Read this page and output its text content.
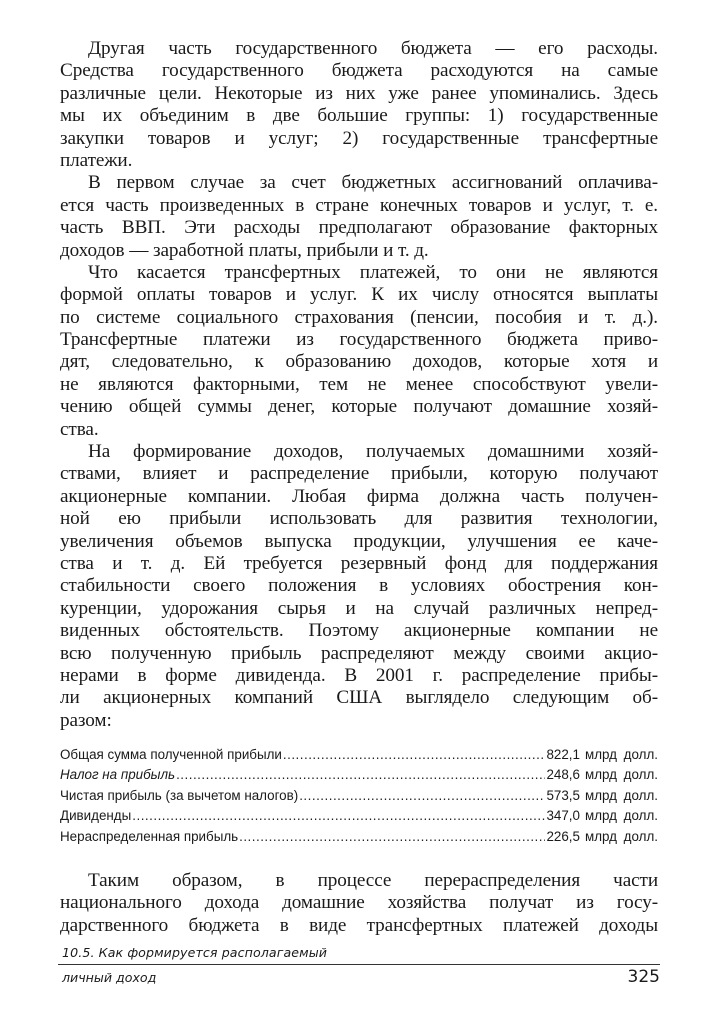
Другая часть государственного бюджета — его расходы.
Средства государственного бюджета расходуются на самые
различные цели. Некоторые из них уже ранее упоминались. Здесь
мы их объединим в две большие группы: 1) государственные
закупки товаров и услуг; 2) государственные трансфертные
платежи.
В первом случае за счет бюджетных ассигнований оплачива-
ется часть произведенных в стране конечных товаров и услуг, т. е.
часть ВВП. Эти расходы предполагают образование факторных
доходов — заработной платы, прибыли и т. д.
Что касается трансфертных платежей, то они не являются
формой оплаты товаров и услуг. К их числу относятся выплаты
по системе социального страхования (пенсии, пособия и т. д.).
Трансфертные платежи из государственного бюджета приво-
дят, следовательно, к образованию доходов, которые хотя и
не являются факторными, тем не менее способствуют увели-
чению общей суммы денег, которые получают домашние хозяй-
ства.
На формирование доходов, получаемых домашними хозяй-
ствами, влияет и распределение прибыли, которую получают
акционерные компании. Любая фирма должна часть получен-
ной ею прибыли использовать для развития технологии,
увеличения объемов выпуска продукции, улучшения ее каче-
ства и т. д. Ей требуется резервный фонд для поддержания
стабильности своего положения в условиях обострения кон-
куренции, удорожания сырья и на случай различных непред-
виденных обстоятельств. Поэтому акционерные компании не
всю полученную прибыль распределяют между своими акцио-
нерами в форме дивиденда. В 2001 г. распределение прибы-
ли акционерных компаний США выглядело следующим об-
разом:
Общая сумма полученной прибыли .....	822,1 млрд долл.
Налог на прибыль .....	248,6 млрд долл.
Чистая прибыль (за вычетом налогов) .....	573,5 млрд долл.
Дивиденды .....	347,0 млрд долл.
Нераспределенная прибыль .....	226,5 млрд долл.
Таким образом, в процессе перераспределения части
национального дохода домашние хозяйства получат из госу-
дарственного бюджета в виде трансфертных платежей доходы
10.5. Как формируется располагаемый
личный доход	325
